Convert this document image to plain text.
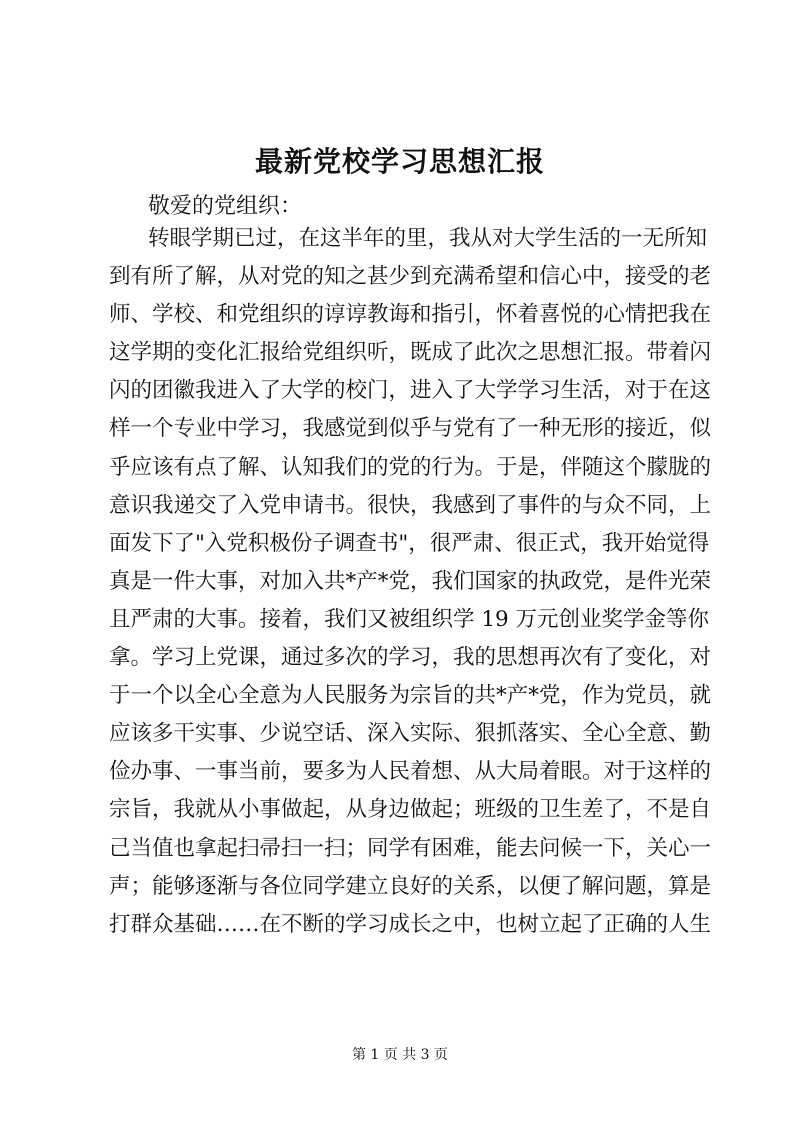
最新党校学习思想汇报

敬爱的党组织：

转眼学期已过，在这半年的里，我从对大学生活的一无所知
到有所了解，从对党的知之甚少到充满希望和信心中，接受的老
师、学校、和党组织的谆谆教诲和指引，怀着喜悦的心情把我在
这学期的变化汇报给党组织听，既成了此次之思想汇报。带着闪
闪的团徽我进入了大学的校门，进入了大学学习生活，对于在这
样一个专业中学习，我感觉到似乎与党有了一种无形的接近，似
乎应该有点了解、认知我们的党的行为。于是，伴随这个朦胧的
意识我递交了入党申请书。很快，我感到了事件的与众不同，上
面发下了"入党积极份子调查书"，很严肃、很正式，我开始觉得
真是一件大事，对加入共*产*党，我们国家的执政党，是件光荣
且严肃的大事。接着，我们又被组织学 19 万元创业奖学金等你
拿。学习上党课，通过多次的学习，我的思想再次有了变化，对
于一个以全心全意为人民服务为宗旨的共*产*党，作为党员，就
应该多干实事、少说空话、深入实际、狠抓落实、全心全意、勤
俭办事、一事当前，要多为人民着想、从大局着眼。对于这样的
宗旨，我就从小事做起，从身边做起；班级的卫生差了，不是自
己当值也拿起扫帚扫一扫；同学有困难，能去问候一下，关心一
声；能够逐渐与各位同学建立良好的关系，以便了解问题，算是
打群众基础……在不断的学习成长之中，也树立起了正确的人生

第 1 页 共 3 页
